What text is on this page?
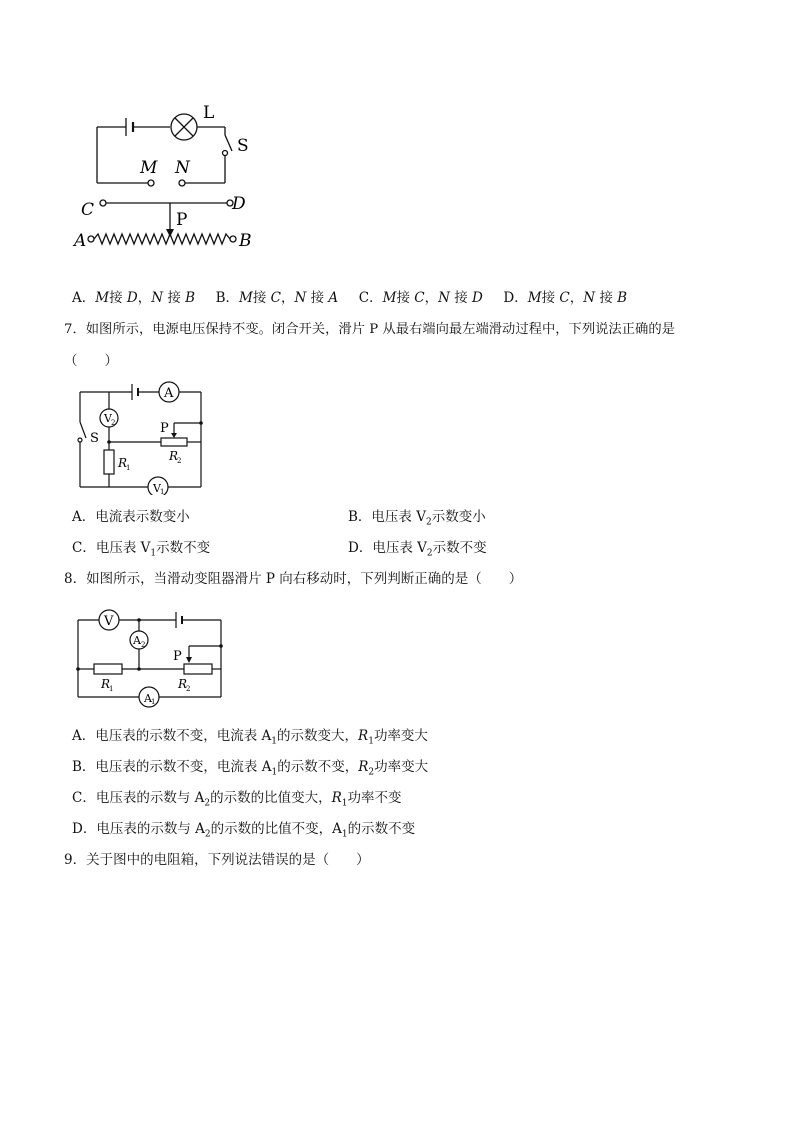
L
S
M N
C	D
P
A	B
A．M接 D，N 接 B B．M接 C，N 接 A C．M接 C，N 接 D D．M接 C，N 接 B
7．如图所示，电源电压保持不变。闭合开关，滑片 P 从最右端向最左端滑动过程中，下列说法正确的是
（　　）
A
V 2
S
P
R
1
R
2
V 1
A．电流表示数变小	B．电压表 $V_2$示数变小
C．电压表 $V_1$示数不变	D．电压表 $V_2$示数不变
8．如图所示，当滑动变阻器滑片 P 向右移动时，下列判断正确的是（　　）
V
A 2
P
R
1	R
2
A 1
A．电压表的示数不变，电流表 $A_1$的示数变大，$R_1$功率变大
B．电压表的示数不变，电流表 $A_1$的示数不变，$R_2$功率变大
C．电压表的示数与 $A_2$的示数的比值变大，$R_1$功率不变
D．电压表的示数与 $A_2$的示数的比值不变，$A_1$的示数不变
9．关于图中的电阻箱，下列说法错误的是（　　）
